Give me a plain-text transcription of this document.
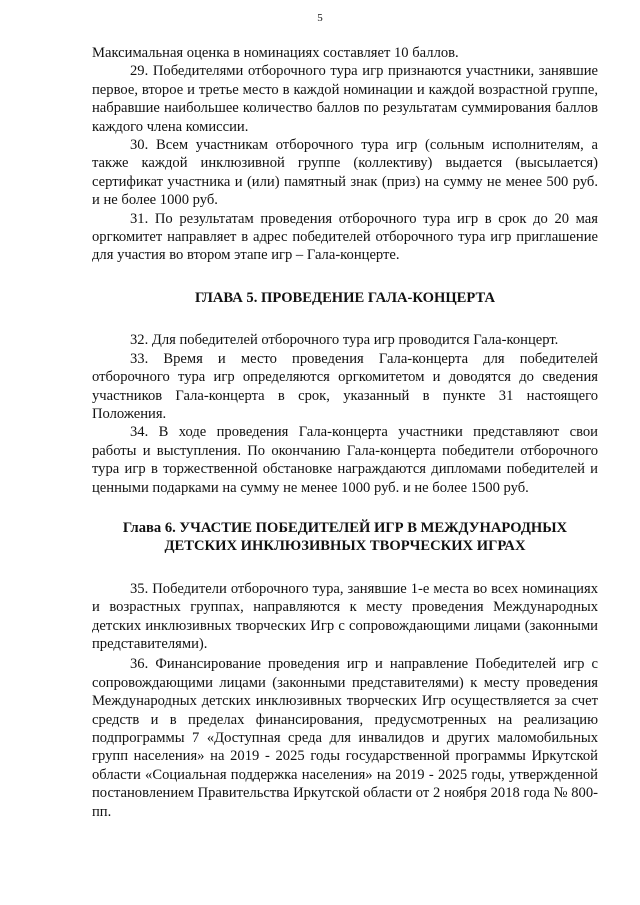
5

Максимальная оценка в номинациях составляет 10 баллов.

29. Победителями отборочного тура игр признаются участники, занявшие первое, второе и третье место в каждой номинации и каждой возрастной группе, набравшие наибольшее количество баллов по результатам суммирования баллов каждого члена комиссии.

30. Всем участникам отборочного тура игр (сольным исполнителям, а также каждой инклюзивной группе (коллективу) выдается (высылается) сертификат участника и (или) памятный знак (приз) на сумму не менее 500 руб. и не более 1000 руб.

31. По результатам проведения отборочного тура игр в срок до 20 мая оргкомитет направляет в адрес победителей отборочного тура игр приглашение для участия во втором этапе игр – Гала-концерте.

ГЛАВА 5. ПРОВЕДЕНИЕ ГАЛА-КОНЦЕРТА

32. Для победителей отборочного тура игр проводится Гала-концерт.

33. Время и место проведения Гала-концерта для победителей отборочного тура игр определяются оргкомитетом и доводятся до сведения участников Гала-концерта в срок, указанный в пункте 31 настоящего Положения.

34. В ходе проведения Гала-концерта участники представляют свои работы и выступления. По окончанию Гала-концерта победители отборочного тура игр в торжественной обстановке награждаются дипломами победителей и ценными подарками на сумму не менее 1000 руб. и не более 1500 руб.

Глава 6. УЧАСТИЕ ПОБЕДИТЕЛЕЙ ИГР В МЕЖДУНАРОДНЫХ

ДЕТСКИХ ИНКЛЮЗИВНЫХ ТВОРЧЕСКИХ ИГРАХ

35. Победители отборочного тура, занявшие 1-е места во всех номинациях и возрастных группах, направляются к месту проведения Международных детских инклюзивных творческих Игр с сопровождающими лицами (законными представителями).

36. Финансирование проведения игр и направление Победителей игр с сопровождающими лицами (законными представителями) к месту проведения Международных детских инклюзивных творческих Игр осуществляется за счет средств и в пределах финансирования, предусмотренных на реализацию подпрограммы 7 «Доступная среда для инвалидов и других маломобильных групп населения» на 2019 - 2025 годы государственной программы Иркутской области «Социальная поддержка населения» на 2019 - 2025 годы, утвержденной постановлением Правительства Иркутской области от 2 ноября 2018 года № 800-пп.
